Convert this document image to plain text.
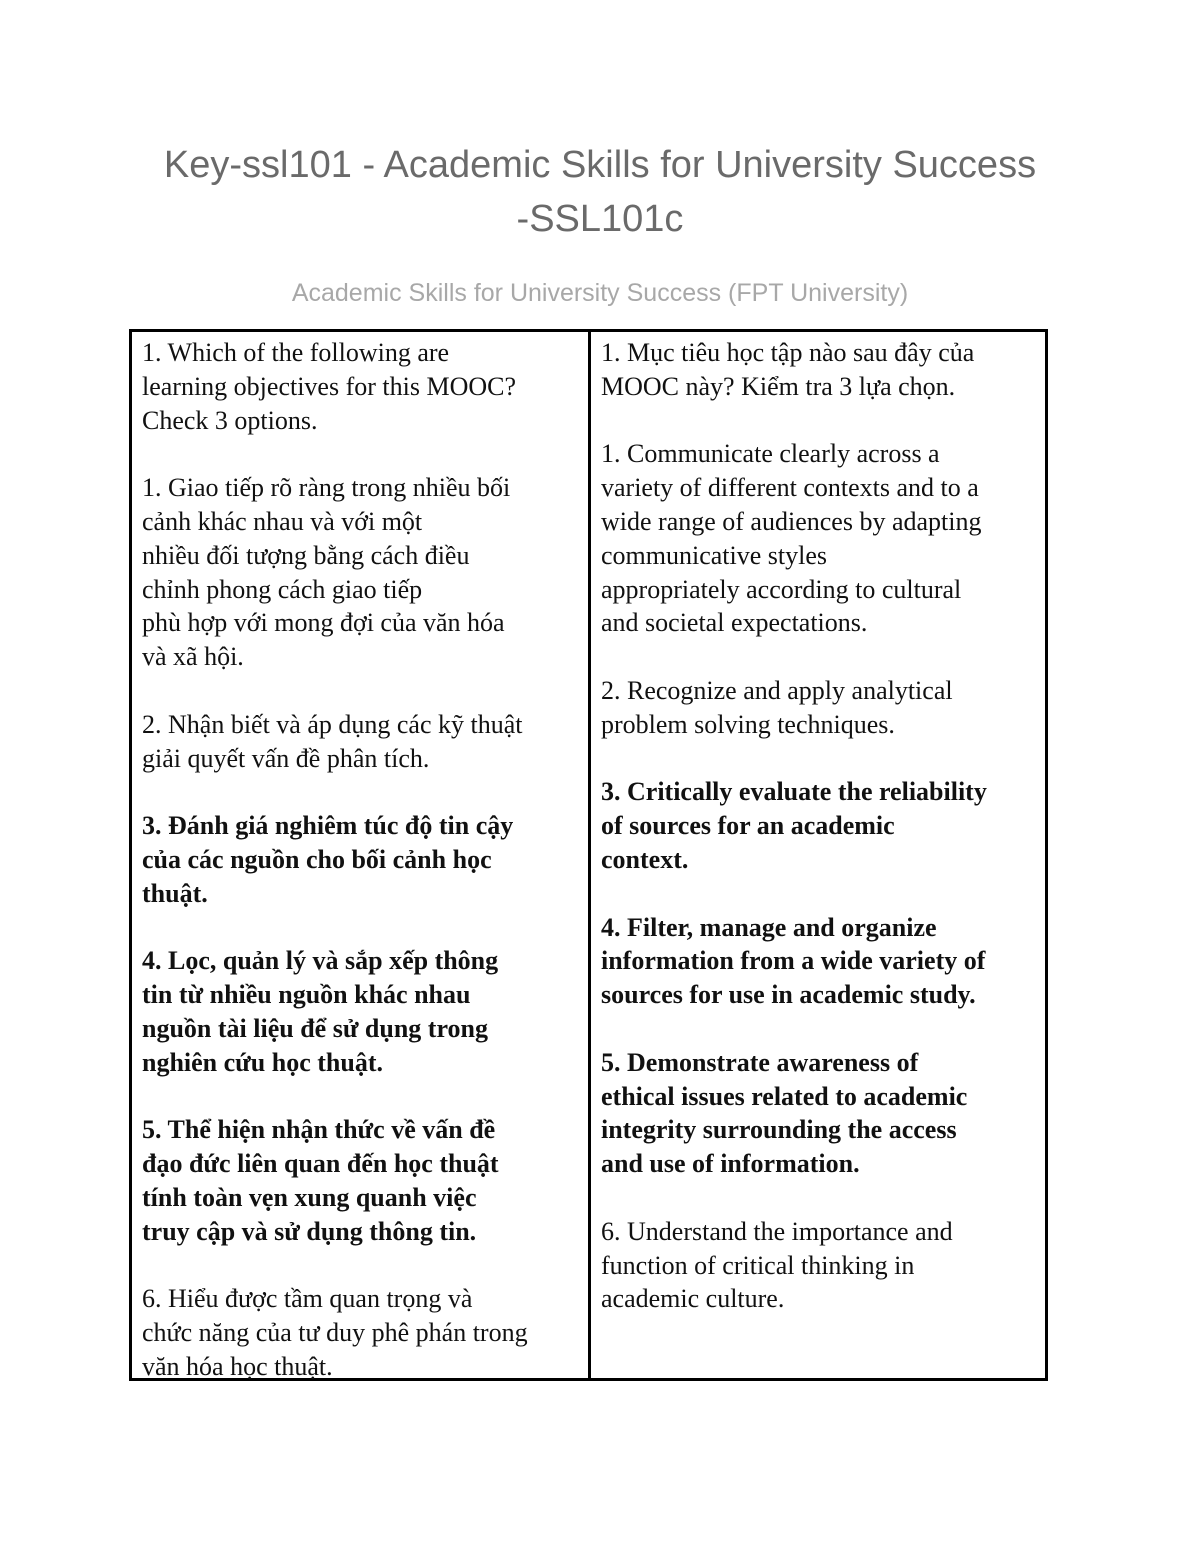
Key-ssl101 - Academic Skills for University Success
-SSL101c

Academic Skills for University Success (FPT University)

1. Which of the following are
learning objectives for this MOOC?
Check 3 options.

1. Giao tiếp rõ ràng trong nhiều bối
cảnh khác nhau và với một
nhiều đối tượng bằng cách điều
chỉnh phong cách giao tiếp
phù hợp với mong đợi của văn hóa
và xã hội.

2. Nhận biết và áp dụng các kỹ thuật
giải quyết vấn đề phân tích.

3. Đánh giá nghiêm túc độ tin cậy
của các nguồn cho bối cảnh học
thuật.

4. Lọc, quản lý và sắp xếp thông
tin từ nhiều nguồn khác nhau
nguồn tài liệu để sử dụng trong
nghiên cứu học thuật.

5. Thể hiện nhận thức về vấn đề
đạo đức liên quan đến học thuật
tính toàn vẹn xung quanh việc
truy cập và sử dụng thông tin.

6. Hiểu được tầm quan trọng và
chức năng của tư duy phê phán trong
văn hóa học thuật.

1. Mục tiêu học tập nào sau đây của
MOOC này? Kiểm tra 3 lựa chọn.

1. Communicate clearly across a
variety of different contexts and to a
wide range of audiences by adapting
communicative styles
appropriately according to cultural
and societal expectations.

2. Recognize and apply analytical
problem solving techniques.

3. Critically evaluate the reliability
of sources for an academic
context.

4. Filter, manage and organize
information from a wide variety of
sources for use in academic study.

5. Demonstrate awareness of
ethical issues related to academic
integrity surrounding the access
and use of information.

6. Understand the importance and
function of critical thinking in
academic culture.
